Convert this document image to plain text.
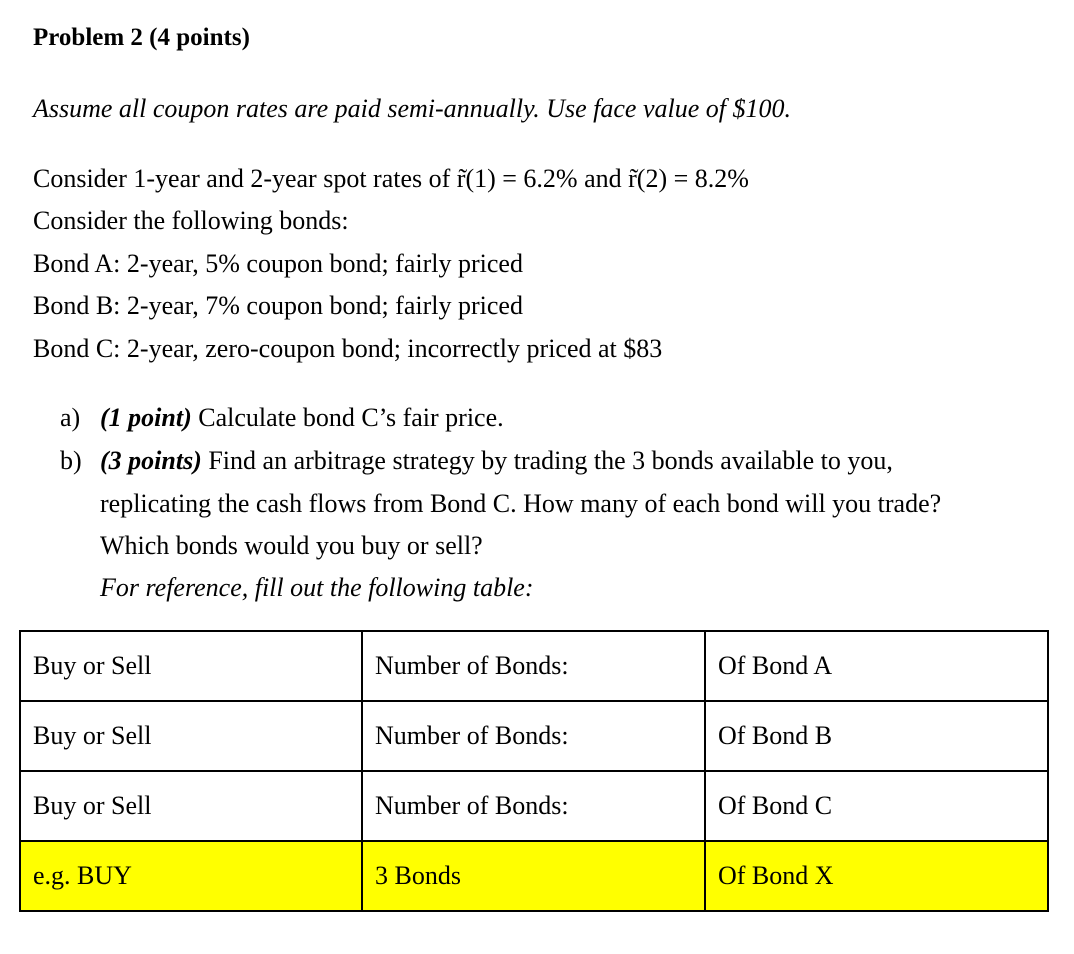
Problem 2 (4 points)
Assume all coupon rates are paid semi-annually. Use face value of $100.
Consider 1-year and 2-year spot rates of r̃(1) = 6.2% and r̃(2) = 8.2%
Consider the following bonds:
Bond A: 2-year, 5% coupon bond; fairly priced
Bond B: 2-year, 7% coupon bond; fairly priced
Bond C: 2-year, zero-coupon bond; incorrectly priced at $83
a) (1 point) Calculate bond C’s fair price.
b) (3 points) Find an arbitrage strategy by trading the 3 bonds available to you,
replicating the cash flows from Bond C. How many of each bond will you trade?
Which bonds would you buy or sell?
For reference, fill out the following table:
Buy or Sell	Number of Bonds:	Of Bond A
Buy or Sell	Number of Bonds:	Of Bond B
Buy or Sell	Number of Bonds:	Of Bond C
e.g. BUY	3 Bonds	Of Bond X
